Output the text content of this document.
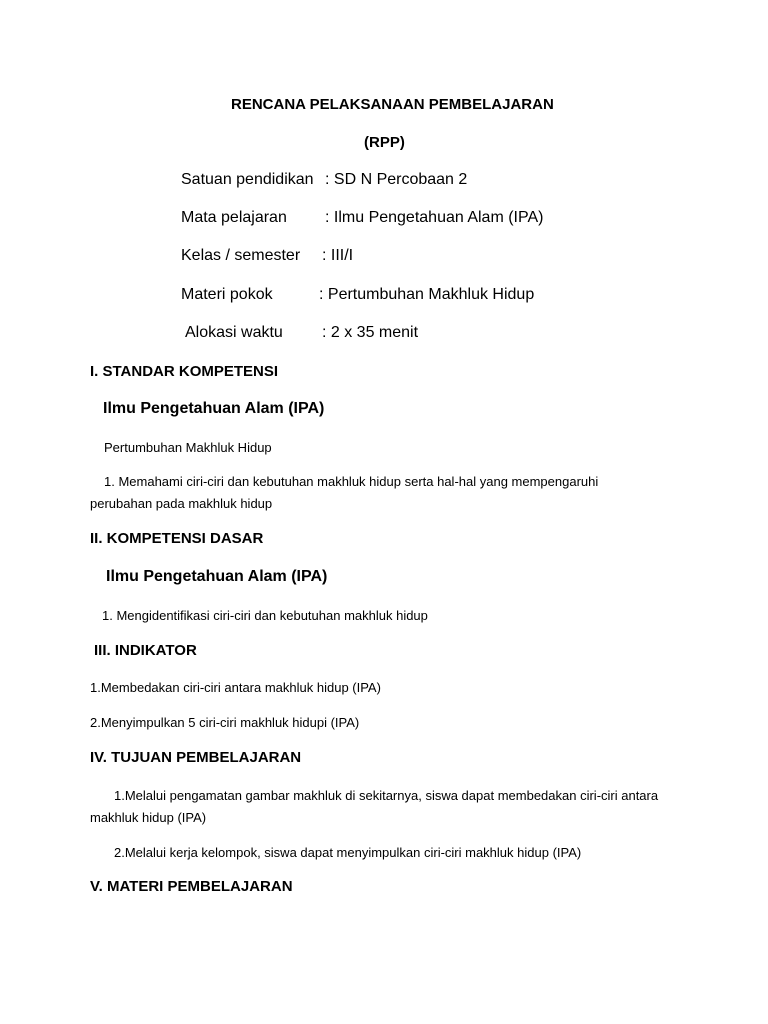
RENCANA PELAKSANAAN PEMBELAJARAN
(RPP)
Satuan pendidikan : SD N Percobaan 2
Mata pelajaran : Ilmu Pengetahuan Alam (IPA)
Kelas / semester : III/I
Materi pokok	: Pertumbuhan Makhluk Hidup
Alokasi waktu : 2 x 35 menit
I. STANDAR KOMPETENSI
Ilmu Pengetahuan Alam (IPA)
Pertumbuhan Makhluk Hidup
1. Memahami ciri-ciri dan kebutuhan makhluk hidup serta hal-hal yang mempengaruhi perubahan pada makhluk hidup
II. KOMPETENSI DASAR
Ilmu Pengetahuan Alam (IPA)
1. Mengidentifikasi ciri-ciri dan kebutuhan makhluk hidup
III. INDIKATOR
1.Membedakan ciri-ciri antara makhluk hidup (IPA)
2.Menyimpulkan 5 ciri-ciri makhluk hidupi (IPA)
IV. TUJUAN PEMBELAJARAN
1.Melalui pengamatan gambar makhluk di sekitarnya, siswa dapat membedakan ciri-ciri antara makhluk hidup (IPA)
2.Melalui kerja kelompok, siswa dapat menyimpulkan ciri-ciri makhluk hidup (IPA)
V. MATERI PEMBELAJARAN
